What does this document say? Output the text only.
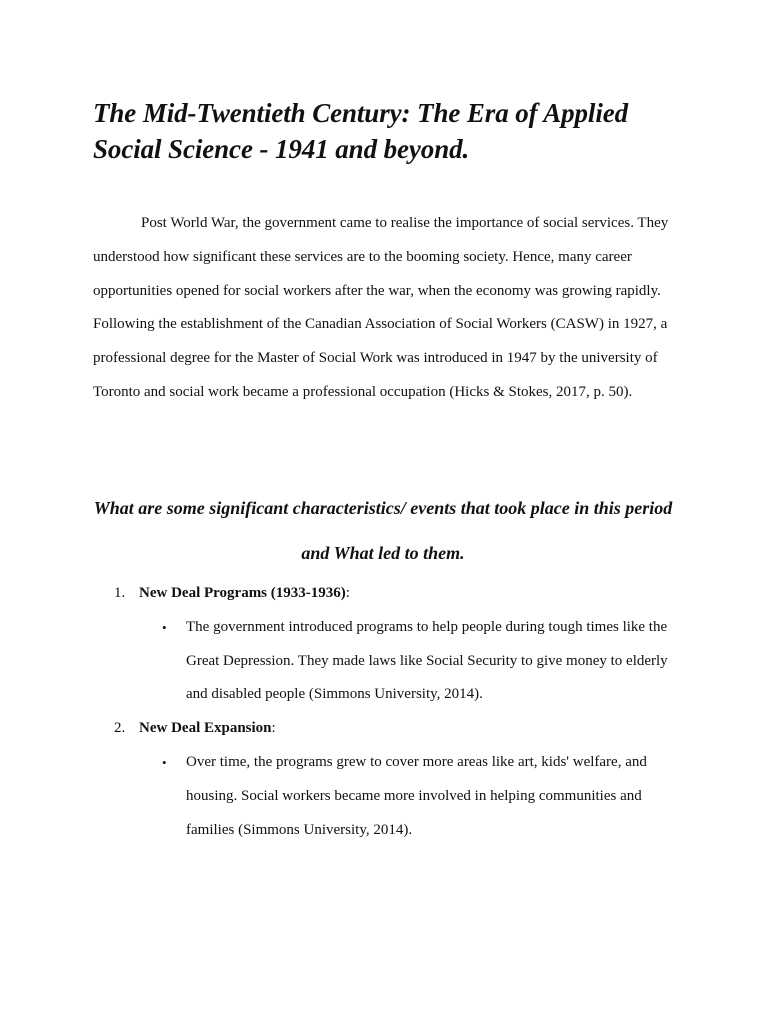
The Mid-Twentieth Century: The Era of Applied Social Science - 1941 and beyond.

Post World War, the government came to realise the importance of social services. They understood how significant these services are to the booming society. Hence, many career opportunities opened for social workers after the war, when the economy was growing rapidly. Following the establishment of the Canadian Association of Social Workers (CASW) in 1927, a professional degree for the Master of Social Work was introduced in 1947 by the university of Toronto and social work became a professional occupation (Hicks & Stokes, 2017, p. 50).

What are some significant characteristics/ events that took place in this period and What led to them.
1. New Deal Programs (1933-1936):
• The government introduced programs to help people during tough times like the Great Depression. They made laws like Social Security to give money to elderly and disabled people (Simmons University, 2014).
2. New Deal Expansion:
• Over time, the programs grew to cover more areas like art, kids' welfare, and housing. Social workers became more involved in helping communities and families (Simmons University, 2014).
